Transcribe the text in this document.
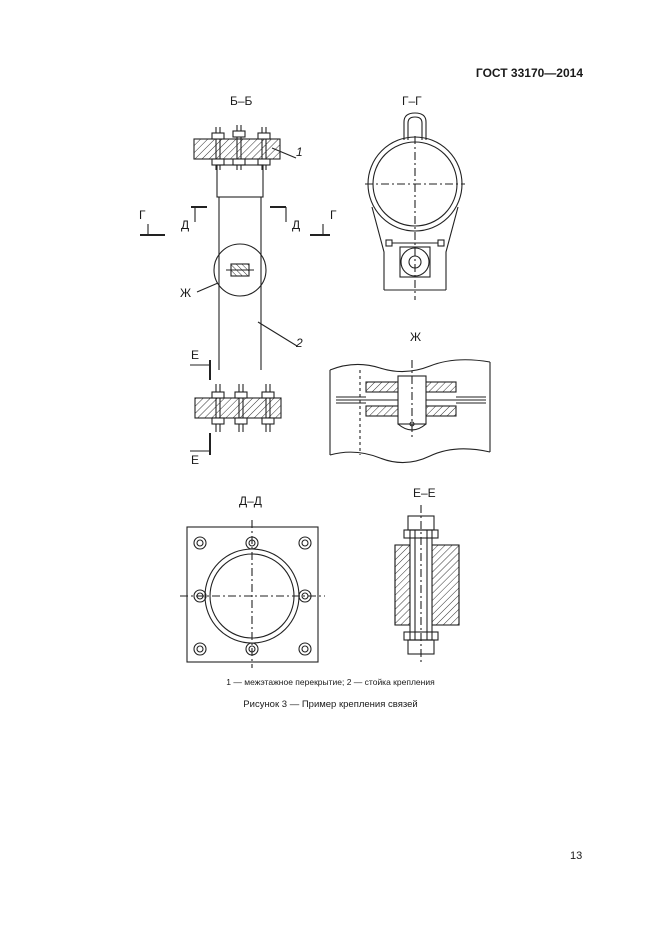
ГОСТ 33170—2014
Б–Б	Г–Г
Ж
Д–Д
Е–Е
Г
Д	Д
Г
Ж
Е
Е
1
2
1 — межэтажное перекрытие; 2 — стойка крепления
Рисунок 3 — Пример крепления связей
13
